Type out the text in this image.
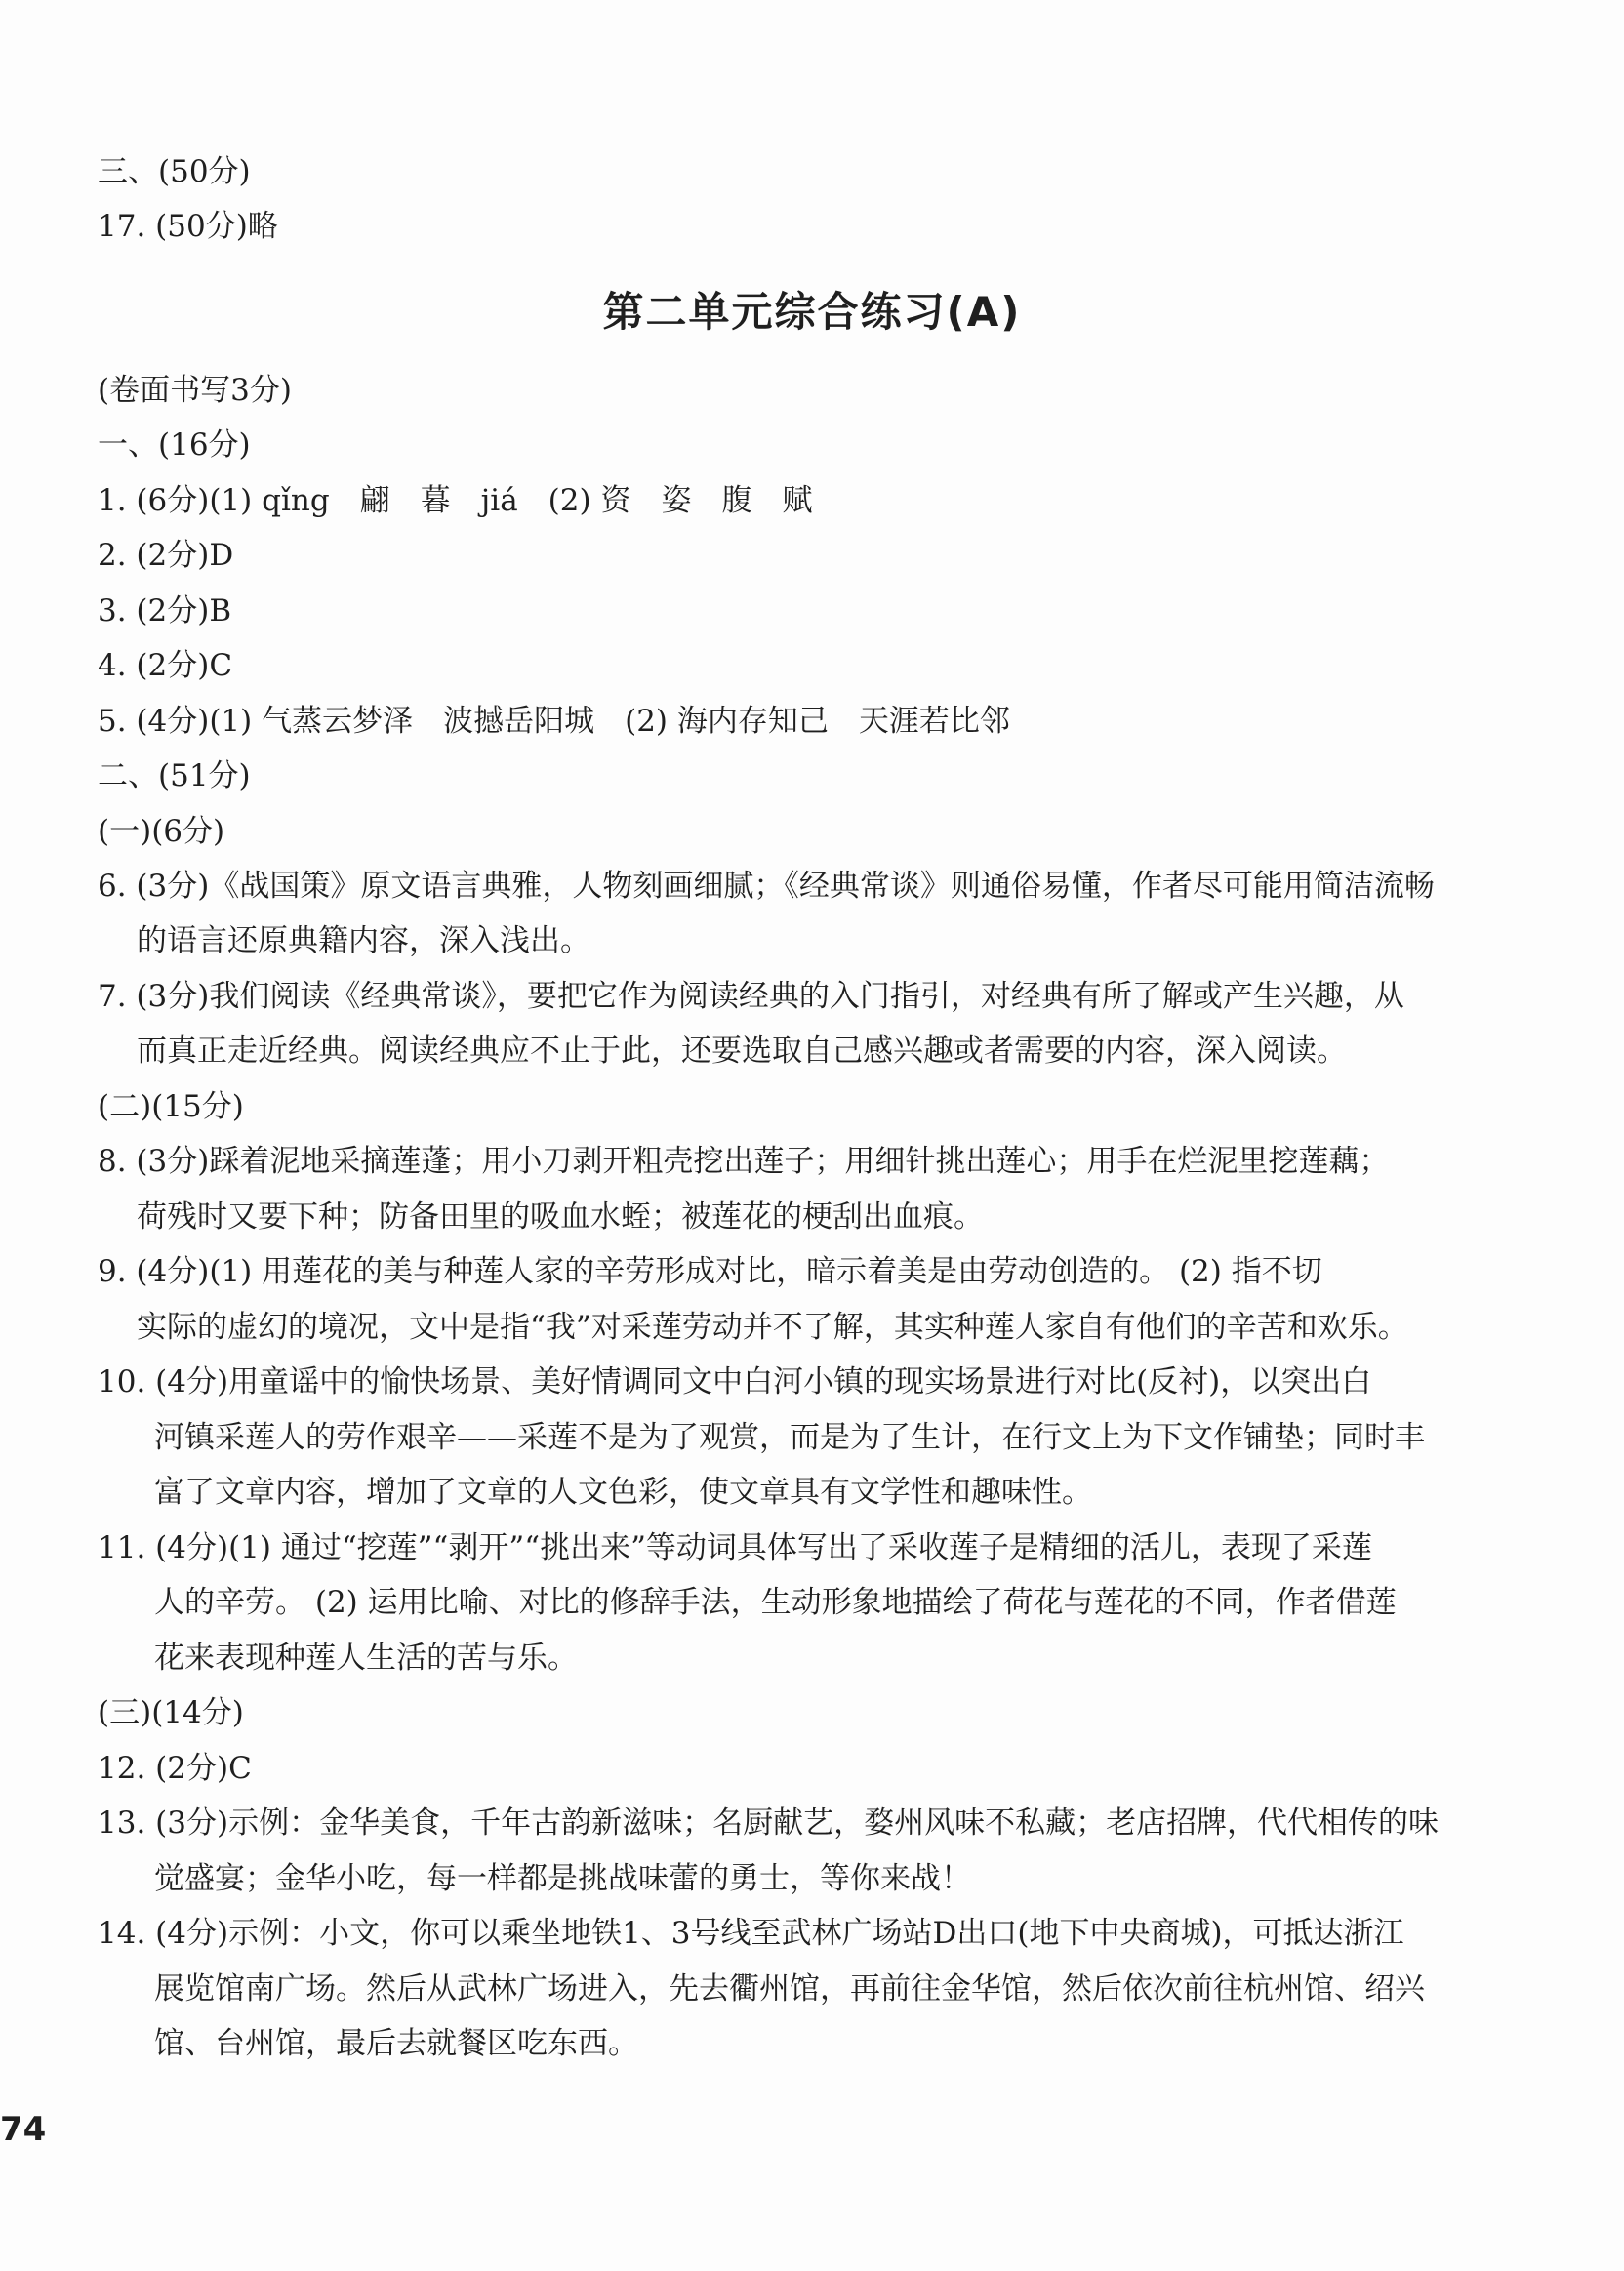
三、(50分)
17. (50分)略
第二单元综合练习(A)
(卷面书写3分)
一、(16分)
1. (6分)(1) qǐng　翩　暮　jiá　(2) 资　姿　腹　赋
2. (2分)D
3. (2分)B
4. (2分)C
5. (4分)(1) 气蒸云梦泽　波撼岳阳城　(2) 海内存知己　天涯若比邻
二、(51分)
(一)(6分)
6. (3分)《战国策》原文语言典雅，人物刻画细腻；《经典常谈》则通俗易懂，作者尽可能用简洁流畅
的语言还原典籍内容，深入浅出。
7. (3分)我们阅读《经典常谈》，要把它作为阅读经典的入门指引，对经典有所了解或产生兴趣，从
而真正走近经典。阅读经典应不止于此，还要选取自己感兴趣或者需要的内容，深入阅读。
(二)(15分)
8. (3分)踩着泥地采摘莲蓬；用小刀剥开粗壳挖出莲子；用细针挑出莲心；用手在烂泥里挖莲藕；
荷残时又要下种；防备田里的吸血水蛭；被莲花的梗刮出血痕。
9. (4分)(1) 用莲花的美与种莲人家的辛劳形成对比，暗示着美是由劳动创造的。 (2) 指不切
实际的虚幻的境况，文中是指“我”对采莲劳动并不了解，其实种莲人家自有他们的辛苦和欢乐。
10. (4分)用童谣中的愉快场景、美好情调同文中白河小镇的现实场景进行对比(反衬)，以突出白
河镇采莲人的劳作艰辛——采莲不是为了观赏，而是为了生计，在行文上为下文作铺垫；同时丰
富了文章内容，增加了文章的人文色彩，使文章具有文学性和趣味性。
11. (4分)(1) 通过“挖莲”“剥开”“挑出来”等动词具体写出了采收莲子是精细的活儿，表现了采莲
人的辛劳。 (2) 运用比喻、对比的修辞手法，生动形象地描绘了荷花与莲花的不同，作者借莲
花来表现种莲人生活的苦与乐。
(三)(14分)
12. (2分)C
13. (3分)示例：金华美食，千年古韵新滋味；名厨献艺，婺州风味不私藏；老店招牌，代代相传的味
觉盛宴；金华小吃，每一样都是挑战味蕾的勇士，等你来战！
14. (4分)示例：小文，你可以乘坐地铁1、3号线至武林广场站D出口(地下中央商城)，可抵达浙江
展览馆南广场。然后从武林广场进入，先去衢州馆，再前往金华馆，然后依次前往杭州馆、绍兴
馆、台州馆，最后去就餐区吃东西。
74
